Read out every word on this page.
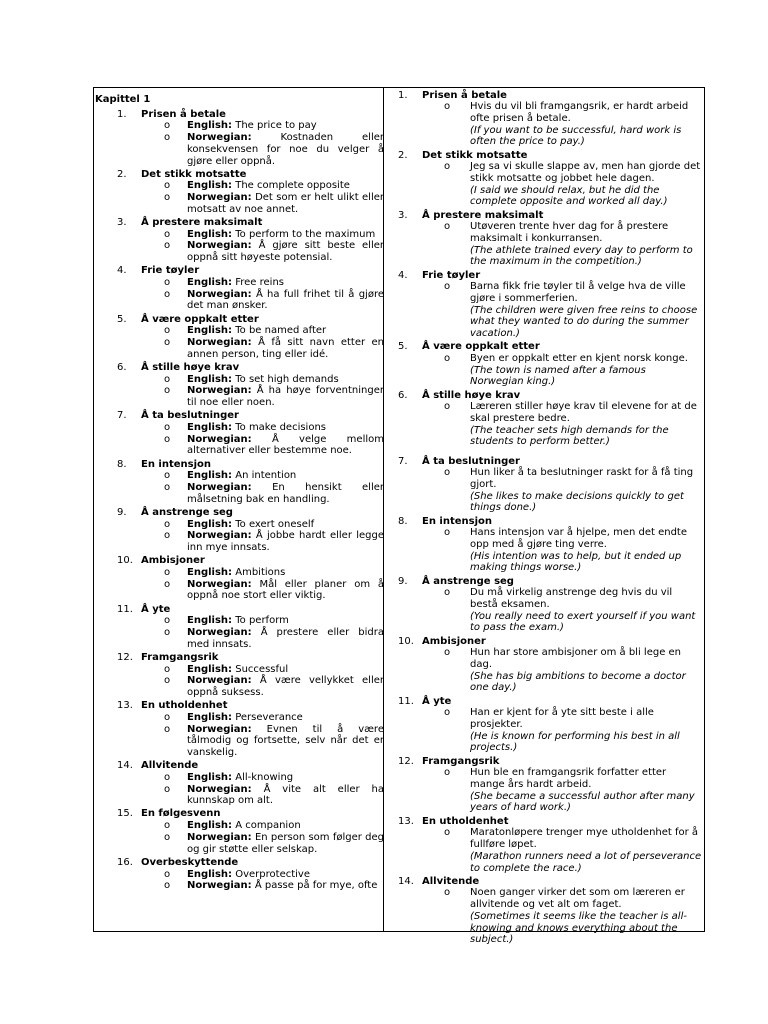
Kapittel 1
1. Prisen å betale
o English: The price to pay
o Norwegian:	Kostnaden eller konsekvensen for noe du velger å gjøre eller oppnå.
2. Det stikk motsatte
o English: The complete opposite
o Norwegian: Det som er helt ulikt eller motsatt av noe annet.
3. Å prestere maksimalt
o English: To perform to the maximum
o Norwegian: Å gjøre sitt beste eller oppnå sitt høyeste potensial.
4. Frie tøyler
o English: Free reins
o Norwegian: Å ha full frihet til å gjøre det man ønsker.
5. Å være oppkalt etter
o English: To be named after
o Norwegian: Å få sitt navn etter en annen person, ting eller idé.
6. Å stille høye krav
o English: To set high demands
o Norwegian: Å ha høye forventninger til noe eller noen.
7. Å ta beslutninger
o English: To make decisions
o Norwegian: Å velge mellom alternativer eller bestemme noe.
8. En intensjon
o English: An intention
o Norwegian: En hensikt eller målsetning bak en handling.
9. Å anstrenge seg
o English: To exert oneself
o Norwegian: Å jobbe hardt eller legge inn mye innsats.
10. Ambisjoner
o English: Ambitions
o Norwegian: Mål eller planer om å oppnå noe stort eller viktig.
11. Å yte
o English: To perform
o Norwegian: Å prestere eller bidra med innsats.
12. Framgangsrik
o English: Successful
o Norwegian: Å være vellykket eller oppnå suksess.
13. En utholdenhet
o English: Perseverance
o Norwegian: Evnen til å være tålmodig og fortsette, selv når det er vanskelig.
14. Allvitende
o English: All-knowing
o Norwegian: Å vite alt eller ha kunnskap om alt.
15. En følgesvenn
o English: A companion
o Norwegian: En person som følger deg og gir støtte eller selskap.
16. Overbeskyttende
o English: Overprotective
o Norwegian: Å passe på for mye, ofte
1. Prisen å betale
o Hvis du vil bli framgangsrik, er hardt arbeid ofte prisen å betale.
(If you want to be successful, hard work is often the price to pay.)
2. Det stikk motsatte
o Jeg sa vi skulle slappe av, men han gjorde det stikk motsatte og jobbet hele dagen.
(I said we should relax, but he did the complete opposite and worked all day.)
3. Å prestere maksimalt
o Utøveren trente hver dag for å prestere maksimalt i konkurransen.
(The athlete trained every day to perform to the maximum in the competition.)
4. Frie tøyler
o Barna fikk frie tøyler til å velge hva de ville gjøre i sommerferien.
(The children were given free reins to choose what they wanted to do during the summer vacation.)
5. Å være oppkalt etter
o Byen er oppkalt etter en kjent norsk konge.
(The town is named after a famous Norwegian king.)
6. Å stille høye krav
o Læreren stiller høye krav til elevene for at de skal prestere bedre.
(The teacher sets high demands for the students to perform better.)
7. Å ta beslutninger
o Hun liker å ta beslutninger raskt for å få ting gjort.
(She likes to make decisions quickly to get things done.)
8. En intensjon
o Hans intensjon var å hjelpe, men det endte opp med å gjøre ting verre.
(His intention was to help, but it ended up making things worse.)
9. Å anstrenge seg
o Du må virkelig anstrenge deg hvis du vil bestå eksamen.
(You really need to exert yourself if you want to pass the exam.)
10. Ambisjoner
o Hun har store ambisjoner om å bli lege en dag.
(She has big ambitions to become a doctor one day.)
11. Å yte
o Han er kjent for å yte sitt beste i alle prosjekter.
(He is known for performing his best in all projects.)
12. Framgangsrik
o Hun ble en framgangsrik forfatter etter mange års hardt arbeid.
(She became a successful author after many years of hard work.)
13. En utholdenhet
o Maratonløpere trenger mye utholdenhet for å fullføre løpet.
(Marathon runners need a lot of perseverance to complete the race.)
14. Allvitende
o Noen ganger virker det som om læreren er allvitende og vet alt om faget.
(Sometimes it seems like the teacher is all-knowing and knows everything about the subject.)
